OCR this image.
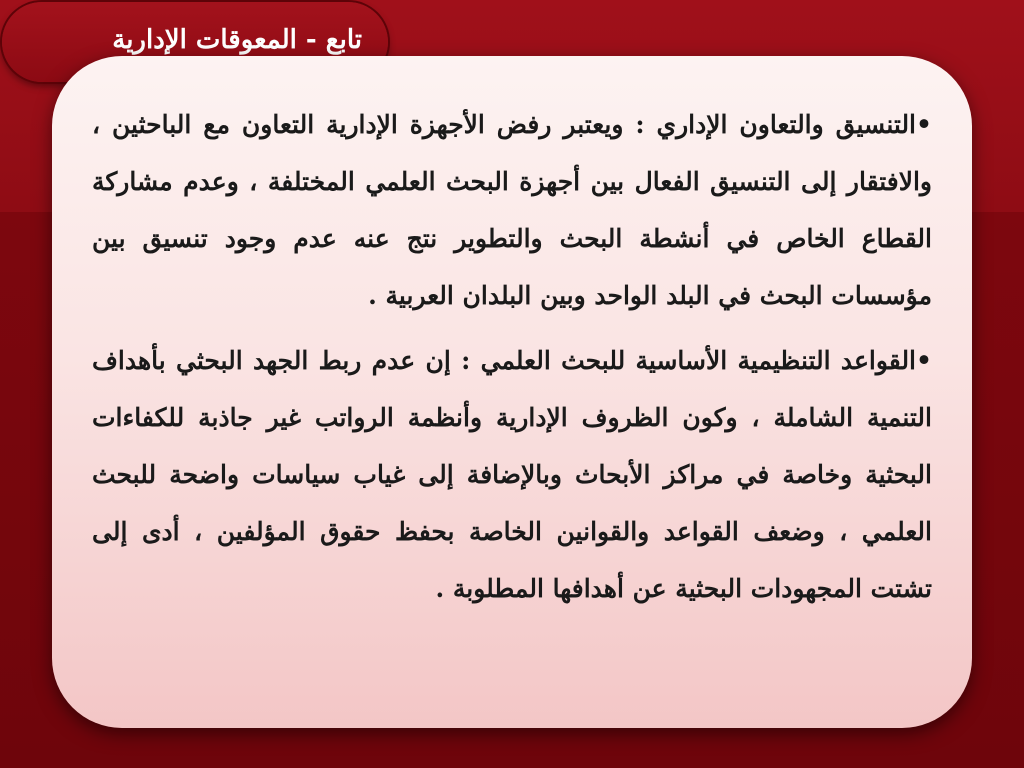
تابع - المعوقات الإدارية

•التنسيق والتعاون الإداري : ويعتبر رفض الأجهزة الإدارية التعاون مع الباحثين ، والافتقار إلى التنسيق الفعال بين أجهزة البحث العلمي المختلفة ، وعدم مشاركة القطاع الخاص في أنشطة البحث والتطوير نتج عنه عدم وجود تنسيق بين مؤسسات البحث في البلد الواحد وبين البلدان العربية .

•القواعد التنظيمية الأساسية للبحث العلمي : إن عدم ربط الجهد البحثي بأهداف التنمية الشاملة ، وكون الظروف الإدارية وأنظمة الرواتب غير جاذبة للكفاءات البحثية وخاصة في مراكز الأبحاث وبالإضافة إلى غياب سياسات واضحة للبحث العلمي ، وضعف القواعد والقوانين الخاصة بحفظ حقوق المؤلفين ، أدى إلى تشتت المجهودات البحثية عن أهدافها المطلوبة .
